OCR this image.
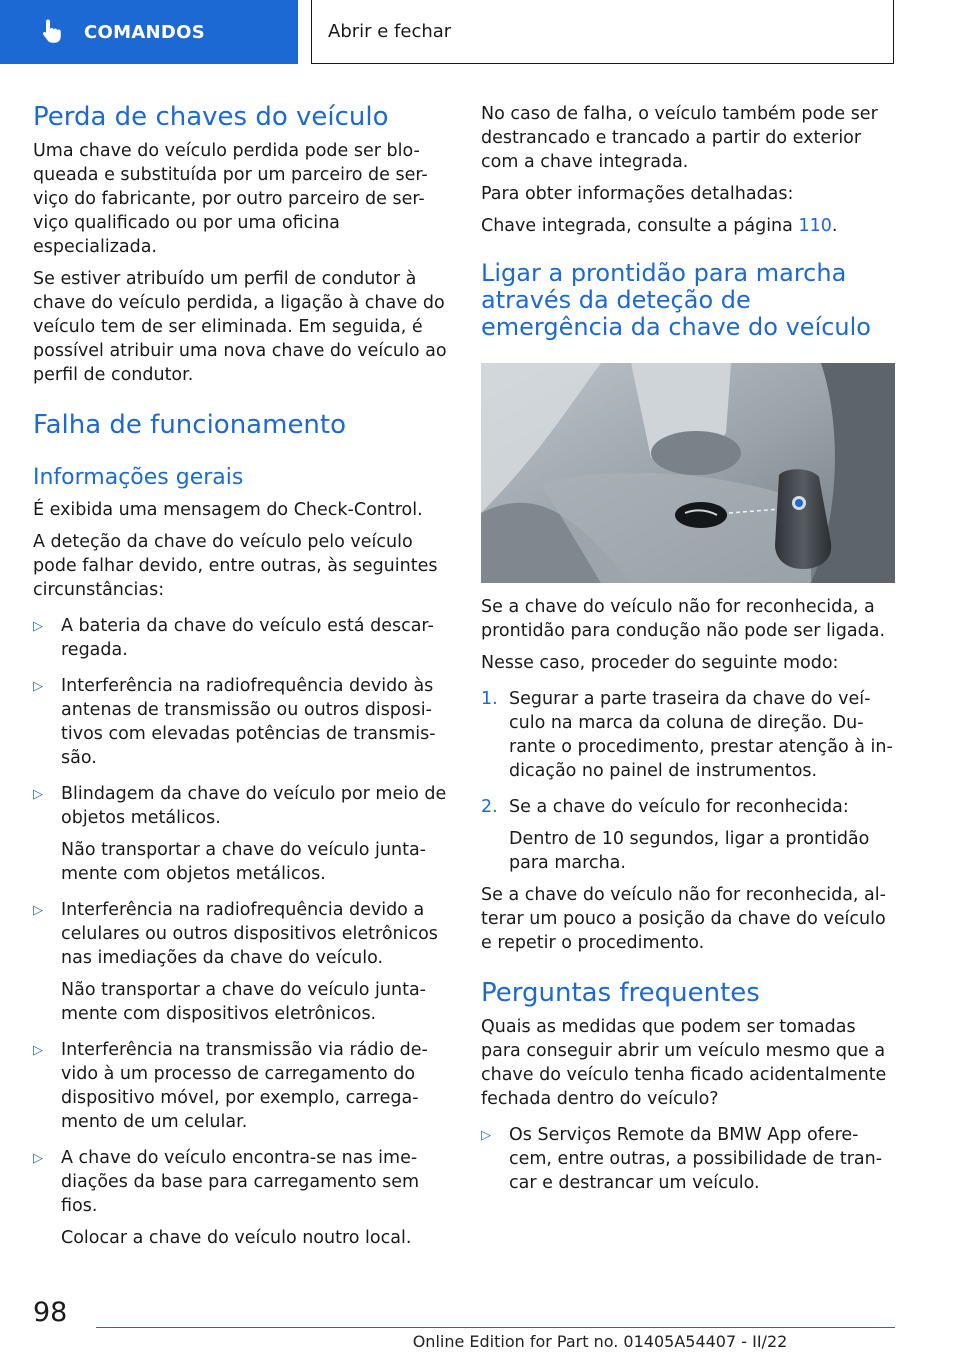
COMANDOS	Abrir e fechar
Perda de chaves do veículo

Uma chave do veículo perdida pode ser blo-queada e substituída por um parceiro de ser-viço do fabricante, por outro parceiro de ser-viço qualificado ou por uma oficina especializada.

Se estiver atribuído um perfil de condutor à chave do veículo perdida, a ligação à chave do veículo tem de ser eliminada. Em seguida, é possível atribuir uma nova chave do veículo ao perfil de condutor.

Falha de funcionamento
Informações gerais

É exibida uma mensagem do Check-Control.

A deteção da chave do veículo pelo veículo pode falhar devido, entre outras, às seguintes circunstâncias:

▷	A bateria da chave do veículo está descar-regada.

▷	Interferência na radiofrequência devido às antenas de transmissão ou outros disposi-tivos com elevadas potências de transmis-são.

▷	Blindagem da chave do veículo por meio de objetos metálicos.

Não transportar a chave do veículo junta-mente com objetos metálicos.

▷	Interferência na radiofrequência devido a celulares ou outros dispositivos eletrônicos nas imediações da chave do veículo.

Não transportar a chave do veículo junta-mente com dispositivos eletrônicos.

▷	Interferência na transmissão via rádio de-vido à um processo de carregamento do dispositivo móvel, por exemplo, carrega-mento de um celular.

▷	A chave do veículo encontra-se nas ime-diações da base para carregamento sem fios.

Colocar a chave do veículo noutro local.

No caso de falha, o veículo também pode ser destrancado e trancado a partir do exterior com a chave integrada.

Para obter informações detalhadas:

Chave integrada, consulte a página 110.

Ligar a prontidão para marcha através da deteção de emergência da chave do veículo

Se a chave do veículo não for reconhecida, a prontidão para condução não pode ser ligada.

Nesse caso, proceder do seguinte modo:

1. Segurar a parte traseira da chave do veí-culo na marca da coluna de direção. Du-rante o procedimento, prestar atenção à in-dicação no painel de instrumentos.

2. Se a chave do veículo for reconhecida:

Dentro de 10 segundos, ligar a prontidão para marcha.

Se a chave do veículo não for reconhecida, al-terar um pouco a posição da chave do veículo e repetir o procedimento.

Perguntas frequentes

Quais as medidas que podem ser tomadas para conseguir abrir um veículo mesmo que a chave do veículo tenha ficado acidentalmente fechada dentro do veículo?

▷	Os Serviços Remote da BMW App ofere-cem, entre outras, a possibilidade de tran-car e destrancar um veículo.

98
Online Edition for Part no. 01405A54407 - II/22
